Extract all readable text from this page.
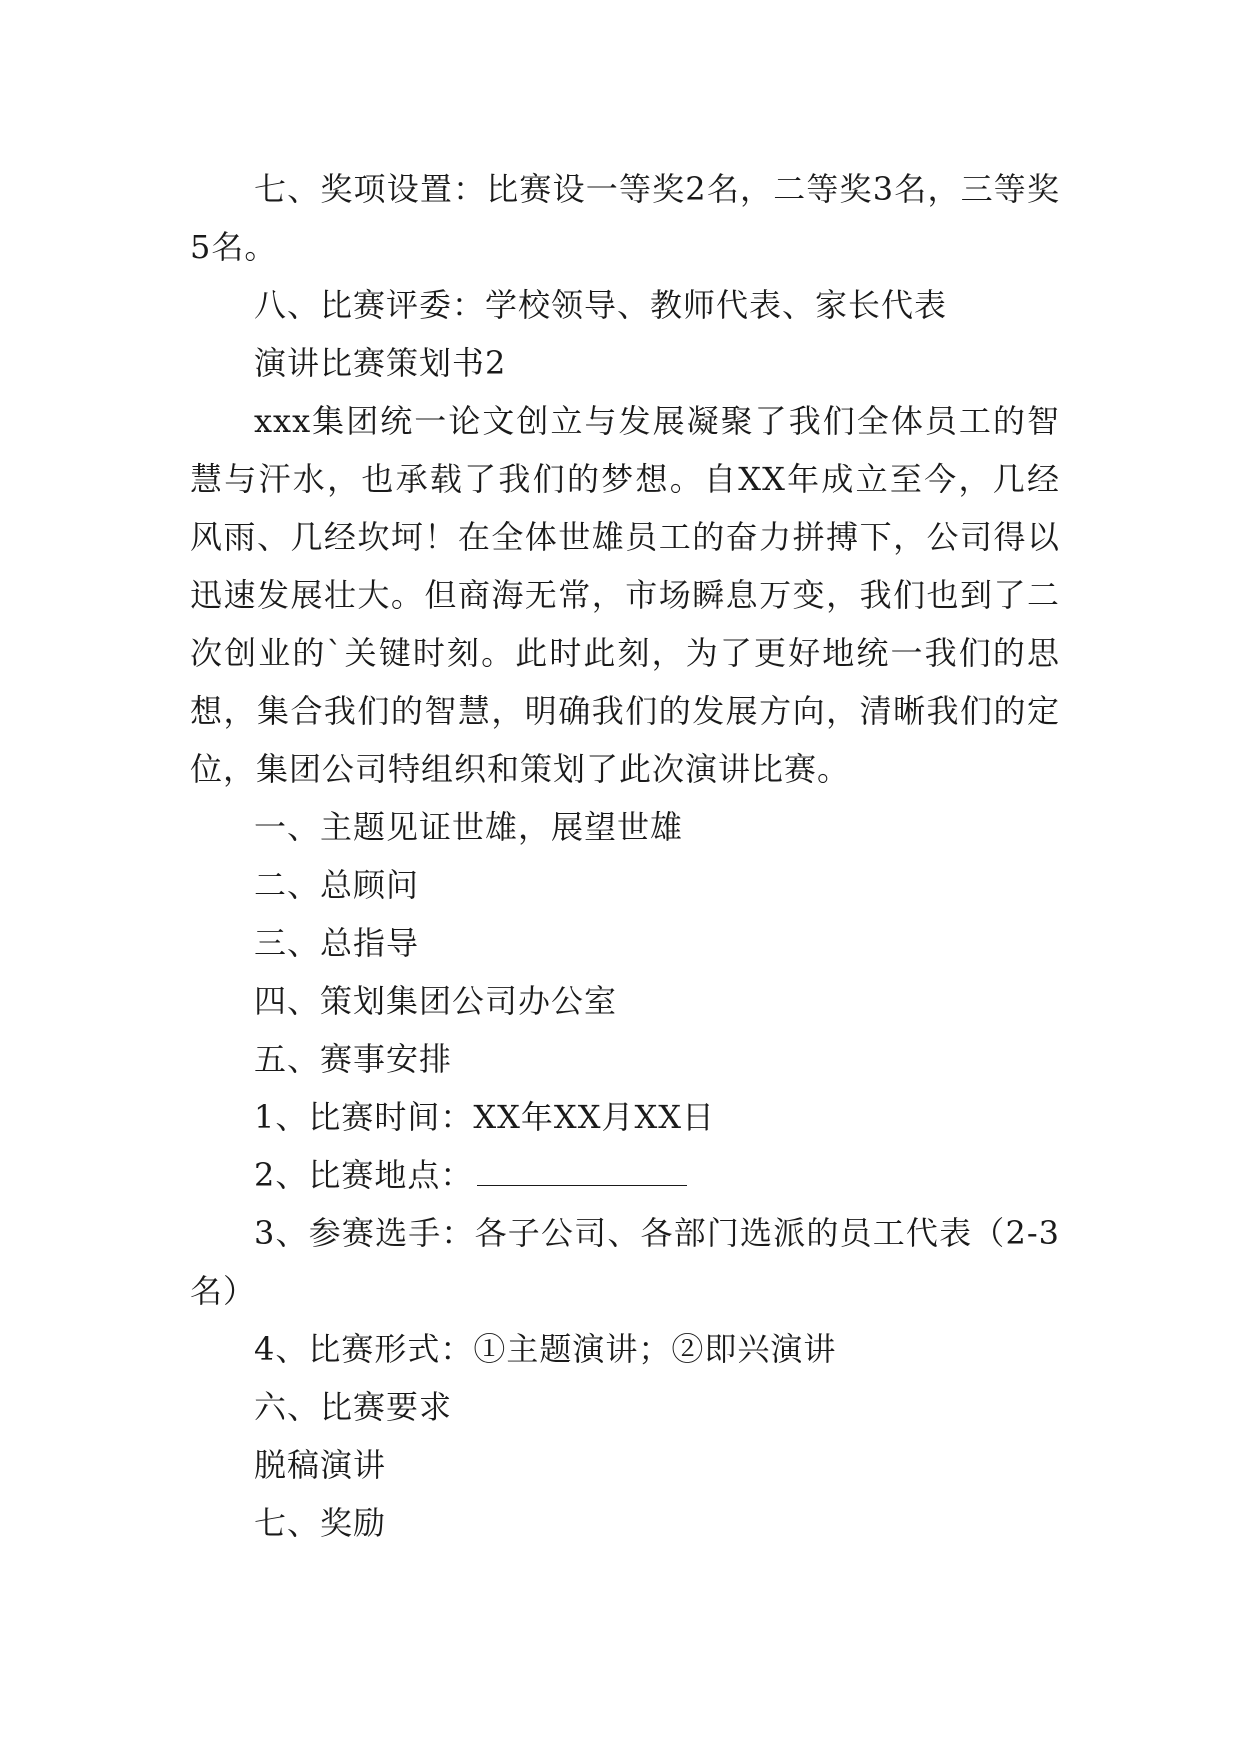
七、奖项设置：比赛设一等奖2名，二等奖3名，三等奖5名。

八、比赛评委：学校领导、教师代表、家长代表

演讲比赛策划书2

xxx集团统一论文创立与发展凝聚了我们全体员工的智慧与汗水，也承载了我们的梦想。自XX年成立至今，几经风雨、几经坎坷！在全体世雄员工的奋力拼搏下，公司得以迅速发展壮大。但商海无常，市场瞬息万变，我们也到了二次创业的`关键时刻。此时此刻，为了更好地统一我们的思想，集合我们的智慧，明确我们的发展方向，清晰我们的定位，集团公司特组织和策划了此次演讲比赛。

一、主题见证世雄，展望世雄

二、总顾问

三、总指导

四、策划集团公司办公室

五、赛事安排

1、比赛时间：XX年XX月XX日

2、比赛地点：

3、参赛选手：各子公司、各部门选派的员工代表（2-3名）

4、比赛形式：①主题演讲；②即兴演讲

六、比赛要求

脱稿演讲

七、奖励
